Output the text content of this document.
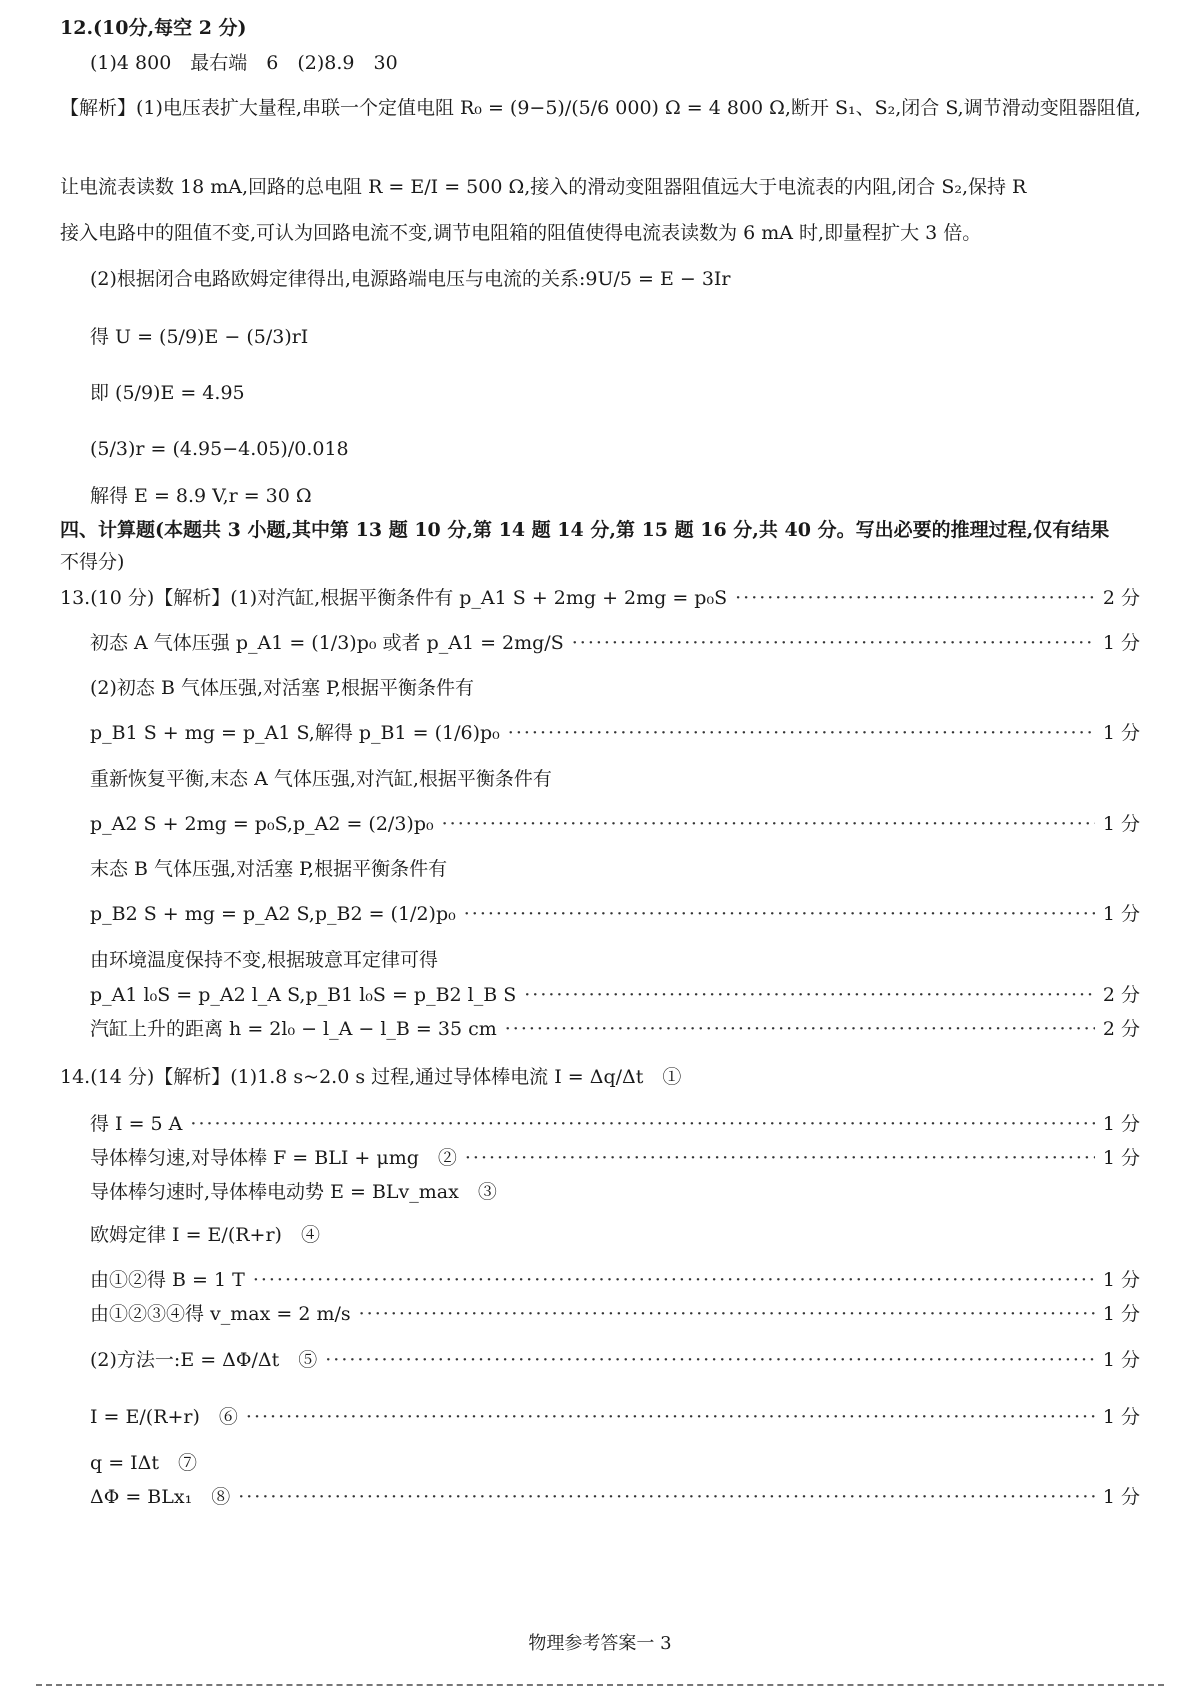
12.(10分,每空 2 分)
(1)4 800　最右端　6　(2)8.9　30
【解析】(1)电压表扩大量程,串联一个定值电阻 R₀ = (9−5)/(5/6 000) Ω = 4 800 Ω,断开 S₁、S₂,闭合 S,调节滑动变阻器阻值,
让电流表读数 18 mA,回路的总电阻 R = E/I = 500 Ω,接入的滑动变阻器阻值远大于电流表的内阻,闭合 S₂,保持 R
接入电路中的阻值不变,可认为回路电流不变,调节电阻箱的阻值使得电流表读数为 6 mA 时,即量程扩大 3 倍。
(2)根据闭合电路欧姆定律得出,电源路端电压与电流的关系:9U/5 = E − 3Ir
得 U = (5/9)E − (5/3)rI
即 (5/9)E = 4.95
(5/3)r = (4.95−4.05)/0.018
解得 E = 8.9 V,r = 30 Ω
四、计算题(本题共 3 小题,其中第 13 题 10 分,第 14 题 14 分,第 15 题 16 分,共 40 分。写出必要的推理过程,仅有结果
不得分)
13.(10 分)【解析】(1)对汽缸,根据平衡条件有 p_A1 S + 2mg + 2mg = p₀S ·····	2 分
初态 A 气体压强 p_A1 = (1/3)p₀ 或者 p_A1 = 2mg/S ·····	1 分
(2)初态 B 气体压强,对活塞 P,根据平衡条件有
p_B1 S + mg = p_A1 S,解得 p_B1 = (1/6)p₀ ·····	1 分
重新恢复平衡,末态 A 气体压强,对汽缸,根据平衡条件有
p_A2 S + 2mg = p₀S,p_A2 = (2/3)p₀ ·····	1 分
末态 B 气体压强,对活塞 P,根据平衡条件有
p_B2 S + mg = p_A2 S,p_B2 = (1/2)p₀ ·····	1 分
由环境温度保持不变,根据玻意耳定律可得
p_A1 l₀S = p_A2 l_A S,p_B1 l₀S = p_B2 l_B S ·····	2 分
汽缸上升的距离 h = 2l₀ − l_A − l_B = 35 cm ·····	2 分
14.(14 分)【解析】(1)1.8 s~2.0 s 过程,通过导体棒电流 I = Δq/Δt　①
得 I = 5 A ·····	1 分
导体棒匀速,对导体棒 F = BLI + μmg　② ·····	1 分
导体棒匀速时,导体棒电动势 E = BLv_max　③
欧姆定律 I = E/(R+r)　④
由①②得 B = 1 T ·····	1 分
由①②③④得 v_max = 2 m/s ·····	1 分
(2)方法一:E = ΔΦ/Δt　⑤ ·····	1 分
I = E/(R+r)　⑥ ·····	1 分
q = IΔt　⑦
ΔΦ = BLx₁　⑧ ·····	1 分
物理参考答案一 3
文化
有
